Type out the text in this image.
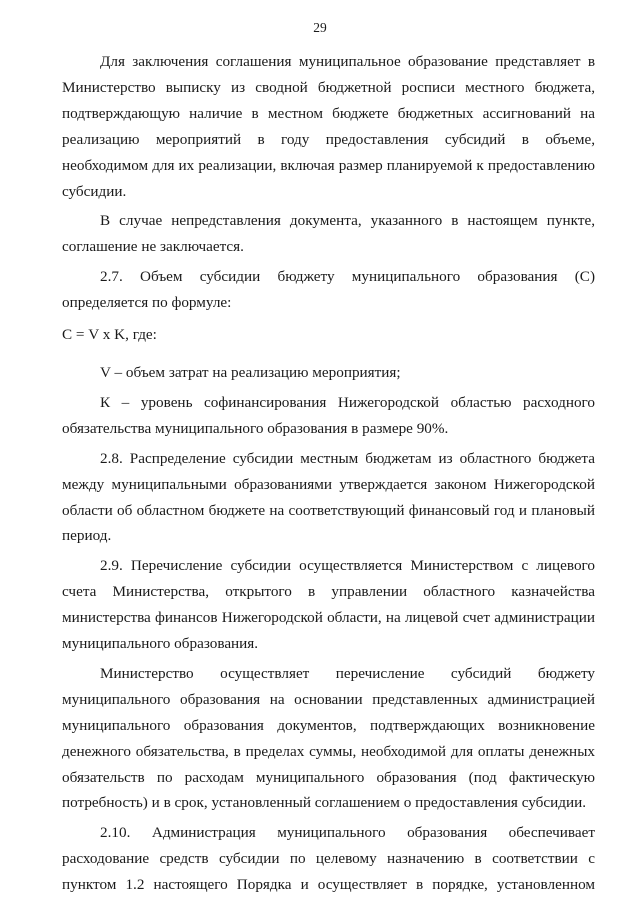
29

Для заключения соглашения муниципальное образование представляет в Министерство выписку из сводной бюджетной росписи местного бюджета, подтверждающую наличие в местном бюджете бюджетных ассигнований на реализацию мероприятий в году предоставления субсидий в объеме, необходимом для их реализации, включая размер планируемой к предоставлению субсидии.

В случае непредставления документа, указанного в настоящем пункте, соглашение не заключается.

2.7. Объем субсидии бюджету муниципального образования (С) определяется по формуле:

С = V x K, где:

V – объем затрат на реализацию мероприятия;

К – уровень софинансирования Нижегородской областью расходного обязательства муниципального образования в размере 90%.

2.8. Распределение субсидии местным бюджетам из областного бюджета между муниципальными образованиями утверждается законом Нижегородской области об областном бюджете на соответствующий финансовый год и плановый период.

2.9. Перечисление субсидии осуществляется Министерством с лицевого счета Министерства, открытого в управлении областного казначейства министерства финансов Нижегородской области, на лицевой счет администрации муниципального образования.

Министерство осуществляет перечисление субсидий бюджету муниципального образования на основании представленных администрацией муниципального образования документов, подтверждающих возникновение денежного обязательства, в пределах суммы, необходимой для оплаты денежных обязательств по расходам муниципального образования (под фактическую потребность) и в срок, установленный соглашением о предоставления субсидии.

2.10. Администрация муниципального образования обеспечивает расходование средств субсидии по целевому назначению в соответствии с пунктом 1.2 настоящего Порядка и осуществляет в порядке, установленном
